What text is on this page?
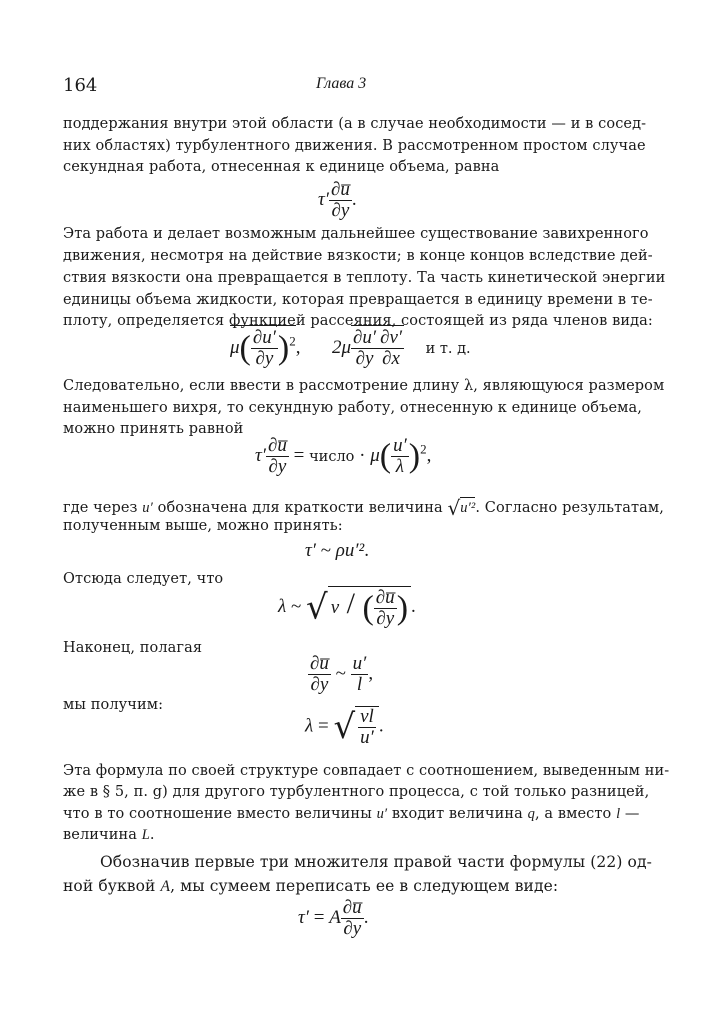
164	Глава 3
поддержания внутри этой области (а в случае необходимости — и в сосед-
них областях) турбулентного движения. В рассмотренном простом случае
секундная работа, отнесенная к единице объема, равна
$\tau' \frac{\partial u̅}{\partial y}$ .
Эта работа и делает возможным дальнейшее существование завихренного
движения, несмотря на действие вязкости; в конце концов вследствие дей-
ствия вязкости она превращается в теплоту. Та часть кинетической энергии
единицы объема жидкости, которая превращается в единицу времени в те-
плоту, определяется функцией рассеяния, состоящей из ряда членов вида:
$\mu( \frac{\partial u'}{\partial y} )^2$, $2\mu \frac{\partial u'}{\partial y} \frac{\partial v'}{\partial x}$ и т. д.
Следовательно, если ввести в рассмотрение длину λ, являющуюся размером
наименьшего вихря, то секундную работу, отнесенную к единице объема,
можно принять равной
$\tau' \frac{\partial u̅}{\partial y}$ = число · $\mu( \frac{u'}{\lambda} )^2$,
где через u′ обозначена для краткости величина √u′². Согласно результатам,
полученным выше, можно принять:
τ′ ~ ρu′².
Отсюда следует, что
λ ~ √ ν / ( $\frac{\partial u̅}{\partial y}$ ) .
Наконец, полагая
$\frac{\partial u̅}{\partial y}$ ~ $\frac{u'}{l}$ ,
мы получим:
λ = √ $\frac{\nu l}{u'}$ .
Эта формула по своей структуре совпадает с соотношением, выведенным ни-
же в § 5, п. g) для другого турбулентного процесса, с той только разницей,
что в то соотношение вместо величины u′ входит величина q, а вместо l —
величина L.
Обозначив первые три множителя правой части формулы (22) од-
ной буквой A, мы сумеем переписать ее в следующем виде:
τ′ = A $\frac{\partial u̅}{\partial y}$ .
